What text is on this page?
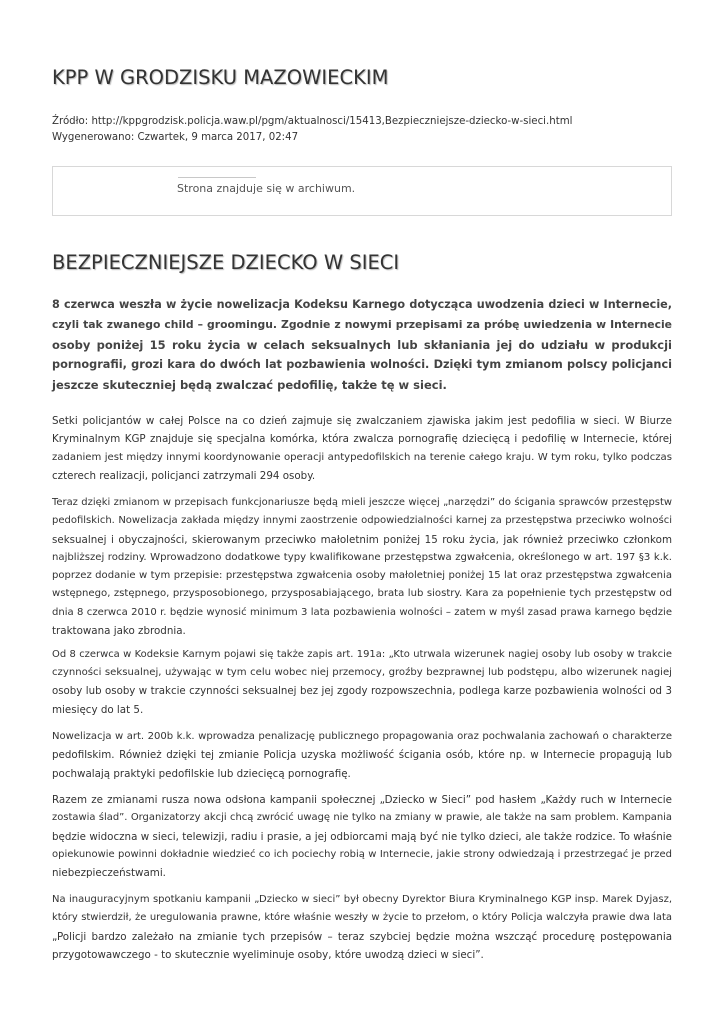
KPP W GRODZISKU MAZOWIECKIM
Źródło: http://kppgrodzisk.policja.waw.pl/pgm/aktualnosci/15413,Bezpieczniejsze-dziecko-w-sieci.html
Wygenerowano: Czwartek, 9 marca 2017, 02:47
Strona znajduje się w archiwum.
BEZPIECZNIEJSZE DZIECKO W SIECI

8 czerwca weszła w życie nowelizacja Kodeksu Karnego dotycząca uwodzenia dzieci w Internecie,
czyli tak zwanego child – groomingu. Zgodnie z nowymi przepisami za próbę uwiedzenia w Internecie
osoby poniżej 15 roku życia w celach seksualnych lub skłaniania jej do udziału w produkcji
pornografii, grozi kara do dwóch lat pozbawienia wolności. Dzięki tym zmianom polscy policjanci
jeszcze skuteczniej będą zwalczać pedofilię, także tę w sieci.

Setki policjantów w całej Polsce na co dzień zajmuje się zwalczaniem zjawiska jakim jest pedofilia w sieci. W Biurze
Kryminalnym KGP znajduje się specjalna komórka, która zwalcza pornografię dziecięcą i pedofilię w Internecie, której
zadaniem jest między innymi koordynowanie operacji antypedofilskich na terenie całego kraju. W tym roku, tylko podczas
czterech realizacji, policjanci zatrzymali 294 osoby.

Teraz dzięki zmianom w przepisach funkcjonariusze będą mieli jeszcze więcej „narzędzi” do ścigania sprawców przestępstw
pedofilskich. Nowelizacja zakłada między innymi zaostrzenie odpowiedzialności karnej za przestępstwa przeciwko wolności
seksualnej i obyczajności, skierowanym przeciwko małoletnim poniżej 15 roku życia, jak również przeciwko członkom
najbliższej rodziny. Wprowadzono dodatkowe typy kwalifikowane przestępstwa zgwałcenia, określonego w art. 197 §3 k.k.
poprzez dodanie w tym przepisie: przestępstwa zgwałcenia osoby małoletniej poniżej 15 lat oraz przestępstwa zgwałcenia
wstępnego, zstępnego, przysposobionego, przysposabiającego, brata lub siostry. Kara za popełnienie tych przestępstw od
dnia 8 czerwca 2010 r. będzie wynosić minimum 3 lata pozbawienia wolności – zatem w myśl zasad prawa karnego będzie
traktowana jako zbrodnia.

Od 8 czerwca w Kodeksie Karnym pojawi się także zapis art. 191a: „Kto utrwala wizerunek nagiej osoby lub osoby w trakcie
czynności seksualnej, używając w tym celu wobec niej przemocy, groźby bezprawnej lub podstępu, albo wizerunek nagiej
osoby lub osoby w trakcie czynności seksualnej bez jej zgody rozpowszechnia, podlega karze pozbawienia wolności od 3
miesięcy do lat 5.

Nowelizacja w art. 200b k.k. wprowadza penalizację publicznego propagowania oraz pochwalania zachowań o charakterze
pedofilskim. Również dzięki tej zmianie Policja uzyska możliwość ścigania osób, które np. w Internecie propagują lub
pochwalają praktyki pedofilskie lub dziecięcą pornografię.

Razem ze zmianami rusza nowa odsłona kampanii społecznej „Dziecko w Sieci” pod hasłem „Każdy ruch w Internecie
zostawia ślad”. Organizatorzy akcji chcą zwrócić uwagę nie tylko na zmiany w prawie, ale także na sam problem. Kampania
będzie widoczna w sieci, telewizji, radiu i prasie, a jej odbiorcami mają być nie tylko dzieci, ale także rodzice. To właśnie
opiekunowie powinni dokładnie wiedzieć co ich pociechy robią w Internecie, jakie strony odwiedzają i przestrzegać je przed
niebezpieczeństwami.

Na inauguracyjnym spotkaniu kampanii „Dziecko w sieci” był obecny Dyrektor Biura Kryminalnego KGP insp. Marek Dyjasz,
który stwierdził, że uregulowania prawne, które właśnie weszły w życie to przełom, o który Policja walczyła prawie dwa lata
„Policji bardzo zależało na zmianie tych przepisów – teraz szybciej będzie można wszcząć procedurę postępowania
przygotowawczego - to skutecznie wyeliminuje osoby, które uwodzą dzieci w sieci”.
